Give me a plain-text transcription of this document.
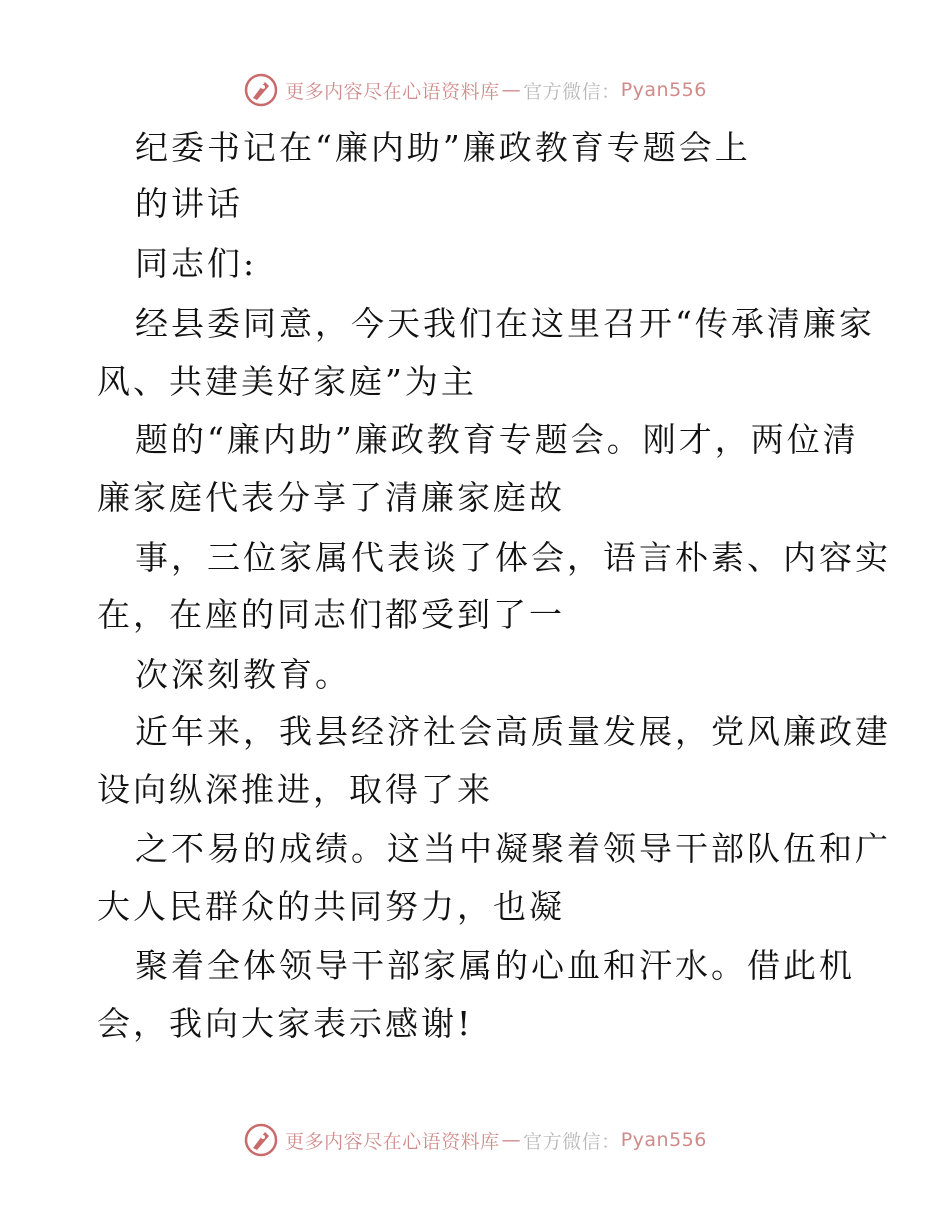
更多内容尽在心语资料库 — 官方微信： Pyan556
纪委书记在“廉内助”廉政教育专题会上
的讲话
同志们:
经县委同意，今天我们在这里召开“传承清廉家
风、共建美好家庭”为主
题的“廉内助”廉政教育专题会。刚才，两位清
廉家庭代表分享了清廉家庭故
事，三位家属代表谈了体会，语言朴素、内容实
在，在座的同志们都受到了一
次深刻教育。
近年来，我县经济社会高质量发展，党风廉政建
设向纵深推进，取得了来
之不易的成绩。这当中凝聚着领导干部队伍和广
大人民群众的共同努力，也凝
聚着全体领导干部家属的心血和汗水。借此机
会，我向大家表示感谢!
更多内容尽在心语资料库 — 官方微信： Pyan556
